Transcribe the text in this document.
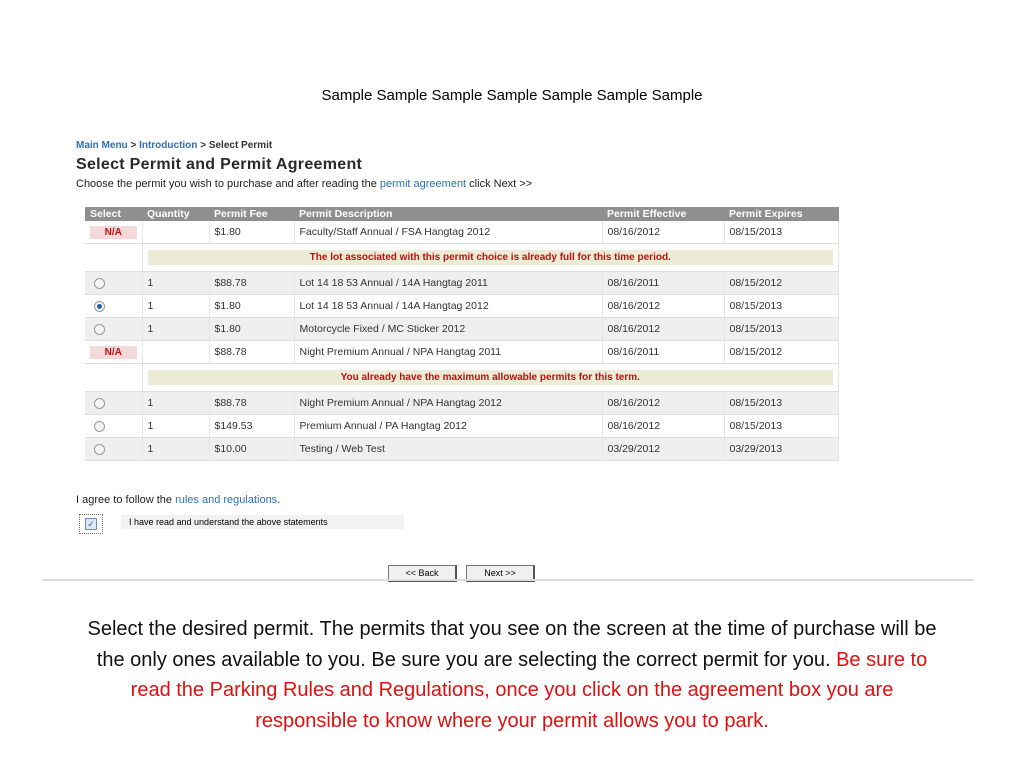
Sample Sample Sample Sample Sample Sample Sample
Main Menu > Introduction > Select Permit
Select Permit and Permit Agreement
Choose the permit you wish to purchase and after reading the permit agreement click Next >>
Select	Quantity	Permit Fee	Permit Description	Permit Effective	Permit Expires

N/A		$1.80	Faculty/Staff Annual / FSA Hangtag 2012	08/16/2012	08/15/2013

	The lot associated with this permit choice is already full for this time period.				

	1	$88.78	Lot 14 18 53 Annual / 14A Hangtag 2011	08/16/2011	08/15/2012
	1	$1.80	Lot 14 18 53 Annual / 14A Hangtag 2012	08/16/2012	08/15/2013
	1	$1.80	Motorcycle Fixed / MC Sticker 2012	08/16/2012	08/15/2013

N/A		$88.78	Night Premium Annual / NPA Hangtag 2011	08/16/2011	08/15/2012

	You already have the maximum allowable permits for this term.				

	1	$88.78	Night Premium Annual / NPA Hangtag 2012	08/16/2012	08/15/2013
	1	$149.53	Premium Annual / PA Hangtag 2012	08/16/2012	08/15/2013
	1	$10.00	Testing / Web Test	03/29/2012	03/29/2013
I agree to follow the rules and regulations.
✓	I have read and understand the above statements
<< Back	Next >>
Select the desired permit. The permits that you see on the screen at the time of purchase will be the only ones available to you. Be sure you are selecting the correct permit for you. Be sure to read the Parking Rules and Regulations, once you click on the agreement box you are responsible to know where your permit allows you to park.
